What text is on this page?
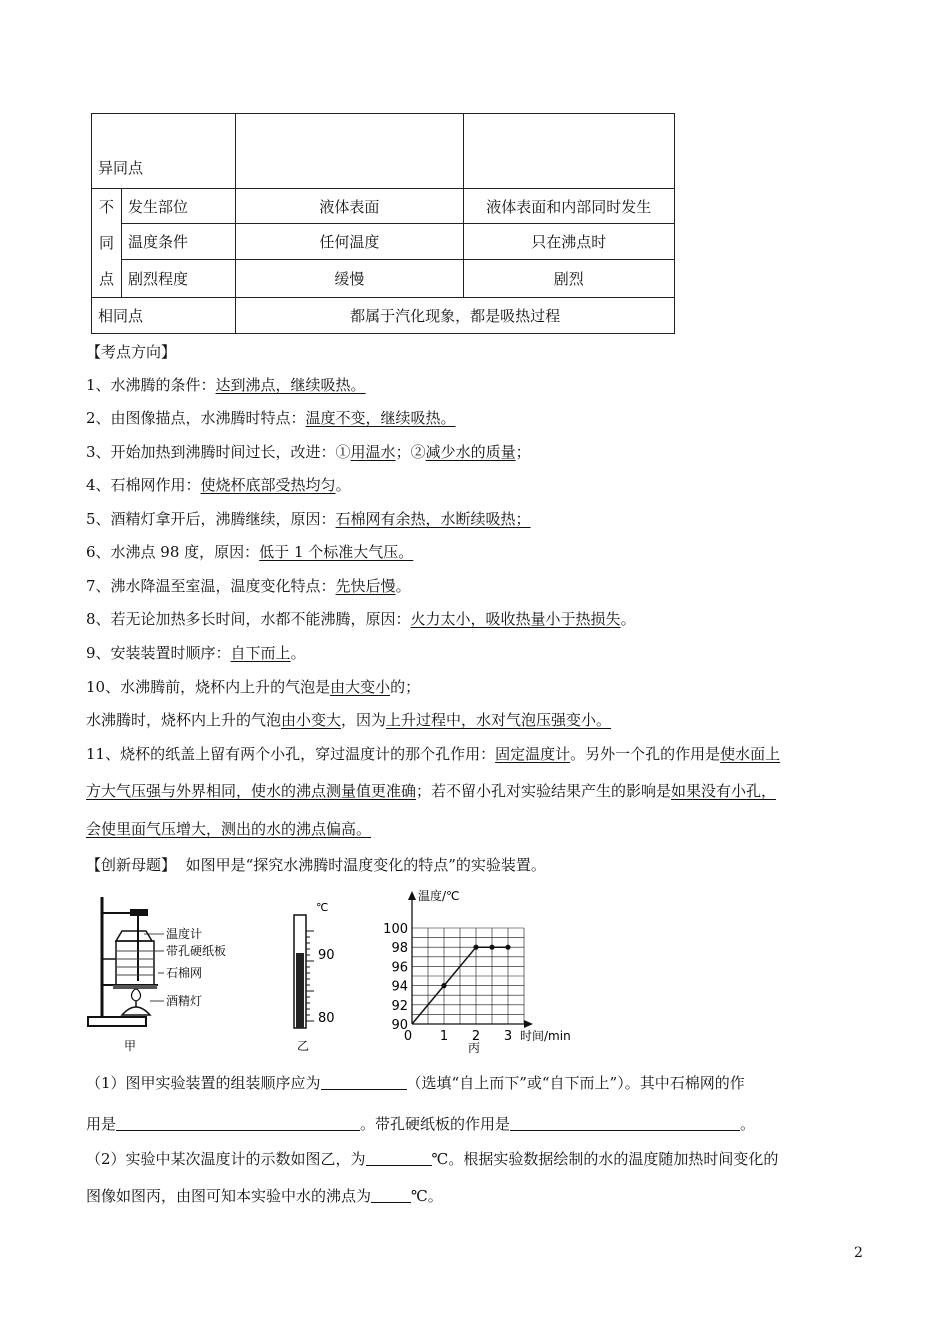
异同点			
不
同
点	发生部位	液体表面	液体表面和内部同时发生
	温度条件	任何温度	只在沸点时
	剧烈程度	缓慢	剧烈
相同点		都属于汽化现象，都是吸热过程	
【考点方向】
1、水沸腾的条件：达到沸点，继续吸热。
2、由图像描点，水沸腾时特点：温度不变，继续吸热。
3、开始加热到沸腾时间过长，改进：①用温水；②减少水的质量；
4、石棉网作用：使烧杯底部受热均匀。
5、酒精灯拿开后，沸腾继续，原因：石棉网有余热，水断续吸热；
6、水沸点 98 度，原因：低于 1 个标准大气压。
7、沸水降温至室温，温度变化特点：先快后慢。
8、若无论加热多长时间，水都不能沸腾，原因：火力太小，吸收热量小于热损失。
9、安装装置时顺序：自下而上。
10、水沸腾前，烧杯内上升的气泡是由大变小的；
水沸腾时，烧杯内上升的气泡由小变大，因为上升过程中，水对气泡压强变小。
11、烧杯的纸盖上留有两个小孔，穿过温度计的那个孔作用：固定温度计。另外一个孔的作用是使水面上
方大气压强与外界相同，使水的沸点测量值更准确；若不留小孔对实验结果产生的影响是如果没有小孔，
会使里面气压增大，测出的水的沸点偏高。
【创新母题】 如图甲是“探究水沸腾时温度变化的特点”的实验装置。
温度计
带孔硬纸板
石棉网
酒精灯
甲
℃
90
80
乙
90
92
94
96
98
100
0 1 2 3
温度/℃
时间/min
丙
（1）图甲实验装置的组装顺序应为	（选填“自上而下”或“自下而上”）。其中石棉网的作
用是	。带孔硬纸板的作用是	。
（2）实验中某次温度计的示数如图乙，为	℃。根据实验数据绘制的水的温度随加热时间变化的
图像如图丙，由图可知本实验中水的沸点为	℃。
2
